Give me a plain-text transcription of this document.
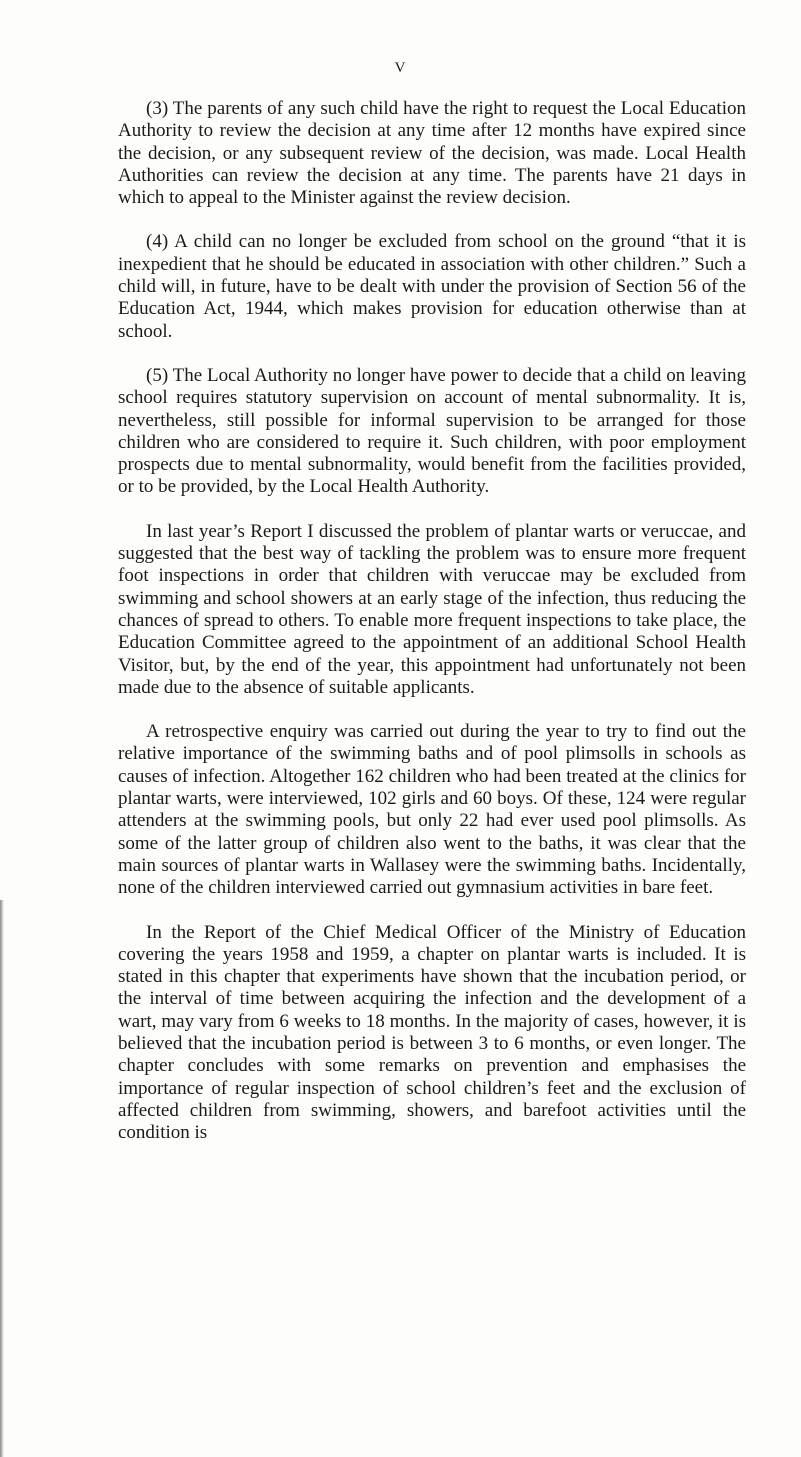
V

(3) The parents of any such child have the right to request the Local Education Authority to review the decision at any time after 12 months have expired since the decision, or any subsequent review of the decision, was made. Local Health Authorities can review the decision at any time. The parents have 21 days in which to appeal to the Minister against the review decision.

(4) A child can no longer be excluded from school on the ground “that it is inexpedient that he should be educated in association with other children.” Such a child will, in future, have to be dealt with under the provision of Section 56 of the Education Act, 1944, which makes provision for education otherwise than at school.

(5) The Local Authority no longer have power to decide that a child on leaving school requires statutory supervision on account of mental subnormality. It is, nevertheless, still possible for informal supervision to be arranged for those children who are considered to require it. Such children, with poor employment prospects due to mental subnormality, would benefit from the facilities provided, or to be provided, by the Local Health Authority.

In last year’s Report I discussed the problem of plantar warts or veruccae, and suggested that the best way of tackling the problem was to ensure more frequent foot inspections in order that children with veruccae may be excluded from swimming and school showers at an early stage of the infection, thus reducing the chances of spread to others. To enable more frequent inspections to take place, the Education Committee agreed to the appointment of an additional School Health Visitor, but, by the end of the year, this appointment had unfortunately not been made due to the absence of suitable applicants.

A retrospective enquiry was carried out during the year to try to find out the relative importance of the swimming baths and of pool plimsolls in schools as causes of infection. Altogether 162 children who had been treated at the clinics for plantar warts, were interviewed, 102 girls and 60 boys. Of these, 124 were regular attenders at the swimming pools, but only 22 had ever used pool plimsolls. As some of the latter group of children also went to the baths, it was clear that the main sources of plantar warts in Wallasey were the swimming baths. Incidentally, none of the children interviewed carried out gymnasium activities in bare feet.

In the Report of the Chief Medical Officer of the Ministry of Education covering the years 1958 and 1959, a chapter on plantar warts is included. It is stated in this chapter that experiments have shown that the incubation period, or the interval of time between acquiring the infection and the development of a wart, may vary from 6 weeks to 18 months. In the majority of cases, however, it is believed that the incubation period is between 3 to 6 months, or even longer. The chapter concludes with some remarks on prevention and emphasises the importance of regular inspection of school children’s feet and the exclusion of affected children from swimming, showers, and barefoot activities until the condition is
